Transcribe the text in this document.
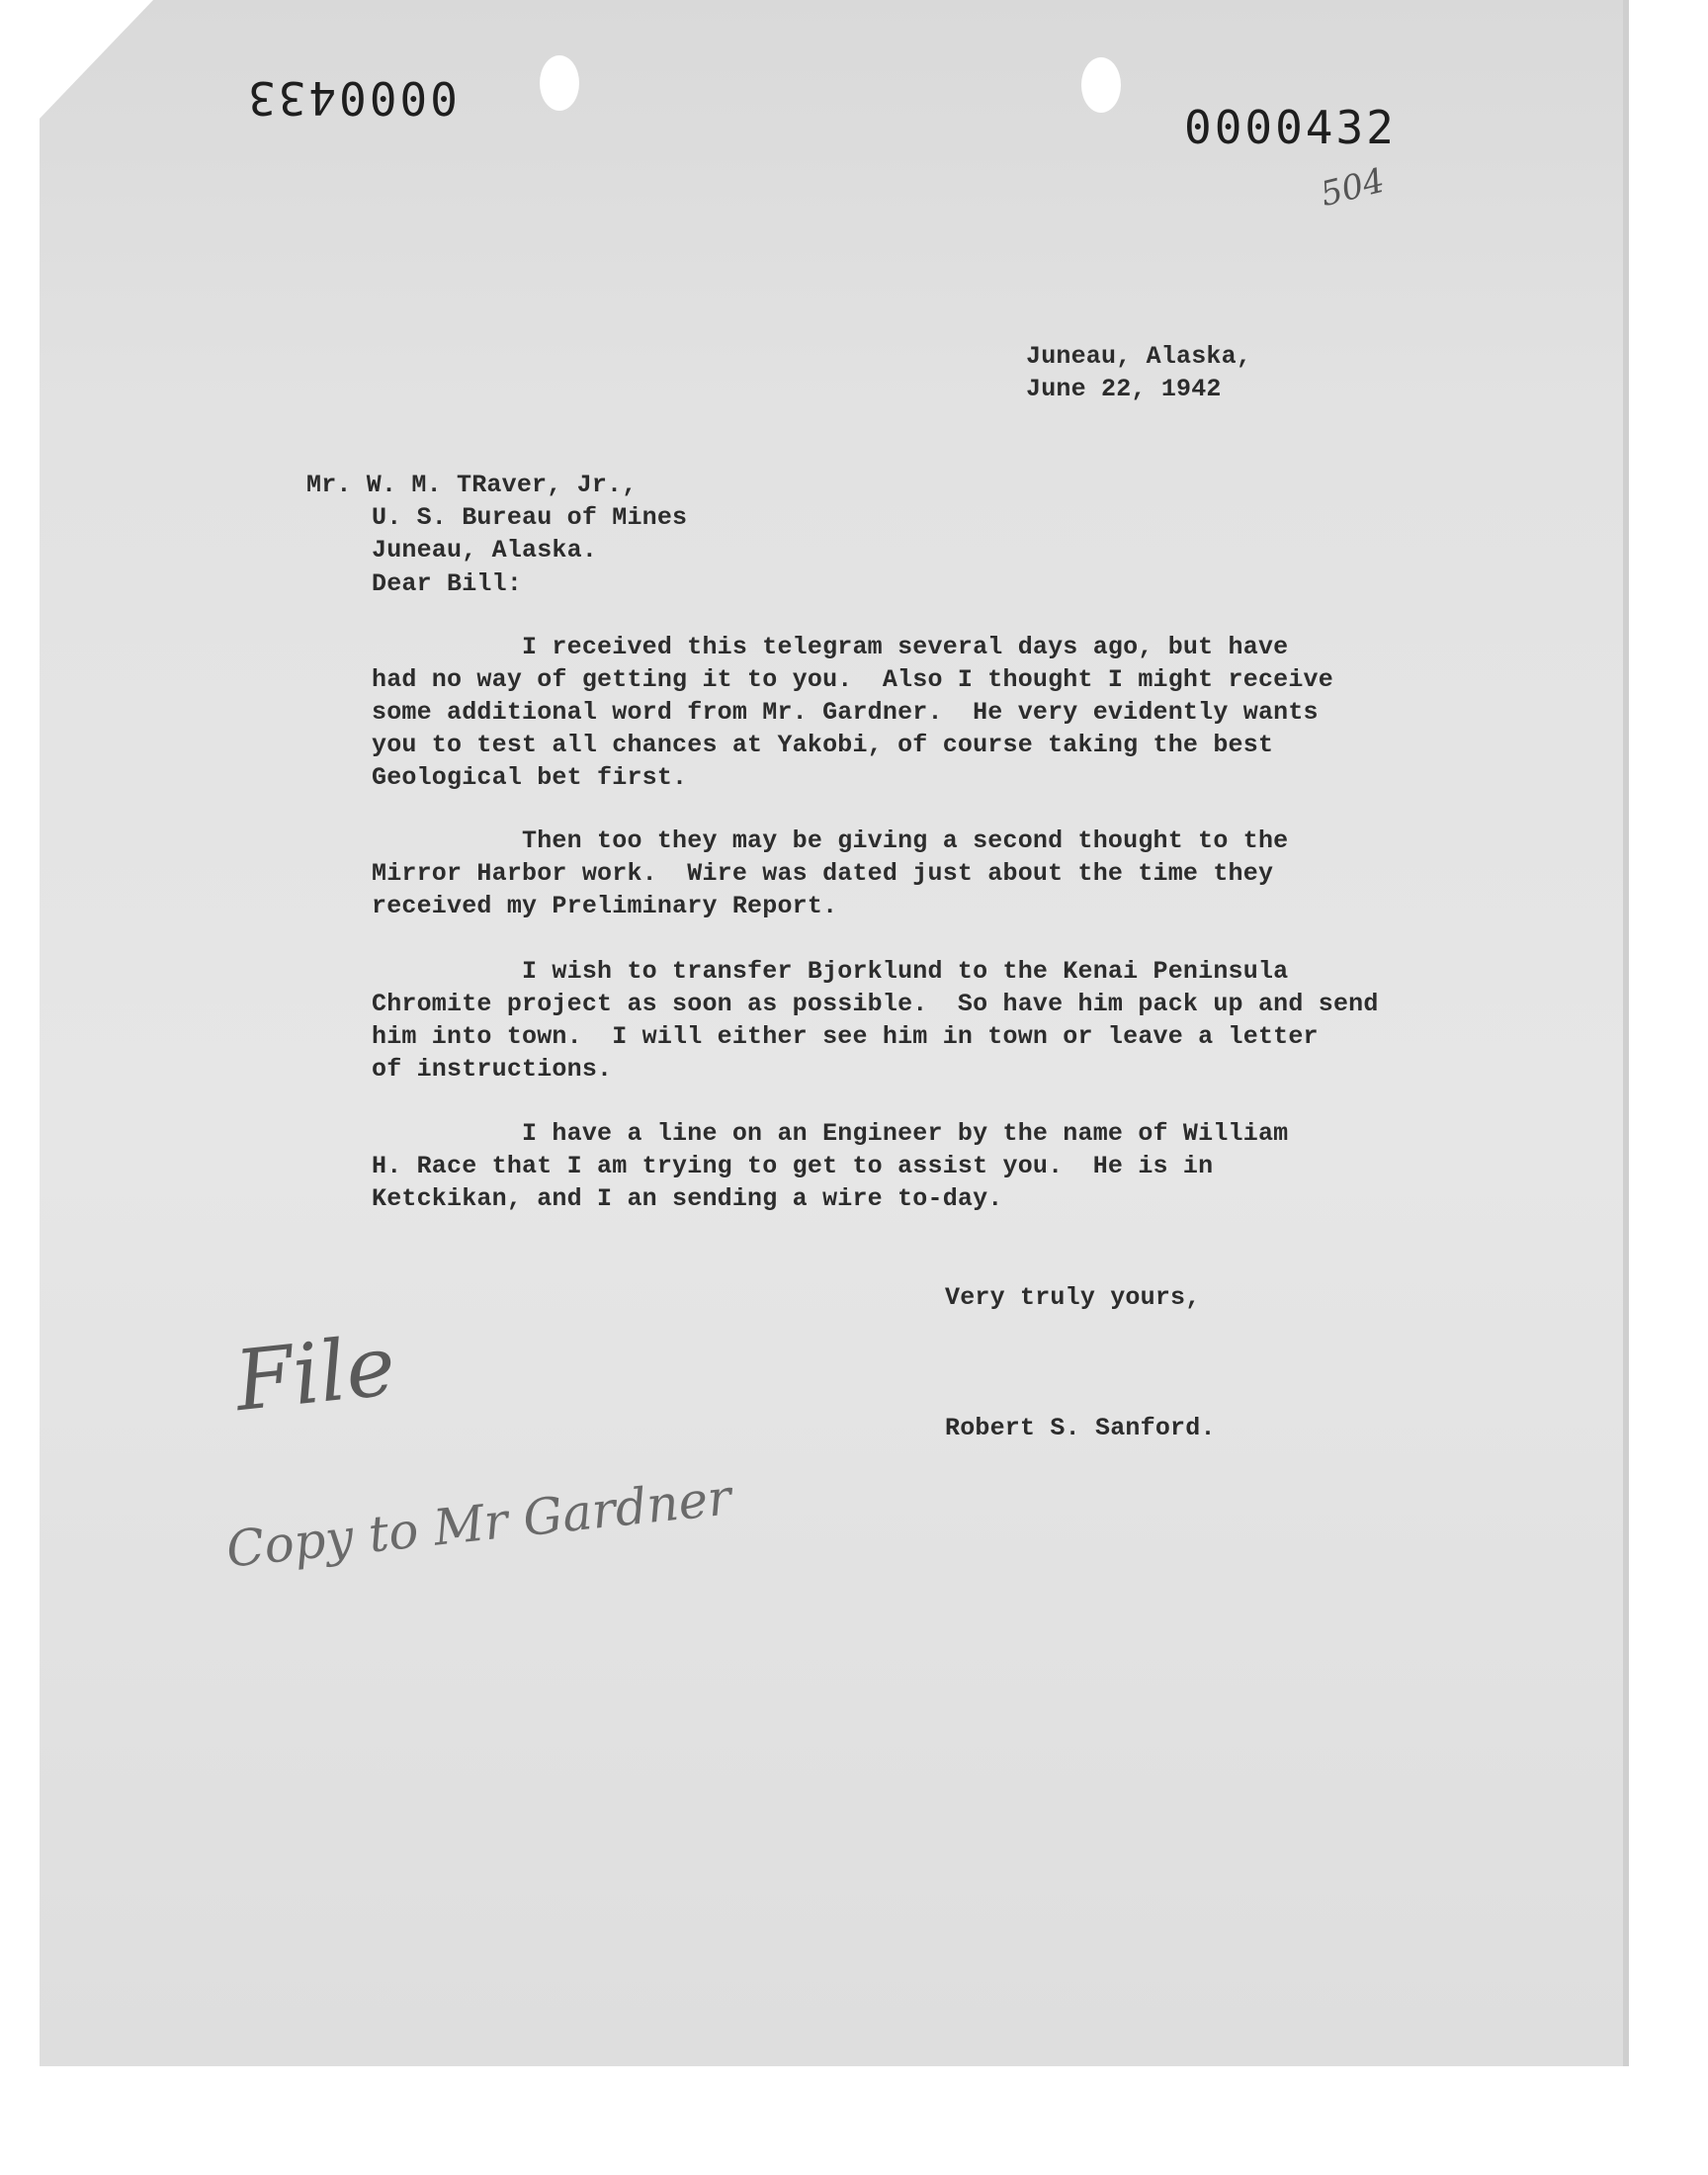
0000433
0000432
504
Juneau, Alaska,
June 22, 1942
Mr. W. M. TRaver, Jr.,
U. S. Bureau of Mines
Juneau, Alaska.
Dear Bill:
I received this telegram several days ago, but have
had no way of getting it to you.  Also I thought I might receive
some additional word from Mr. Gardner.  He very evidently wants
you to test all chances at Yakobi, of course taking the best
Geological bet first.
Then too they may be giving a second thought to the
Mirror Harbor work.  Wire was dated just about the time they
received my Preliminary Report.
I wish to transfer Bjorklund to the Kenai Peninsula
Chromite project as soon as possible.  So have him pack up and send
him into town.  I will either see him in town or leave a letter
of instructions.
I have a line on an Engineer by the name of William
H. Race that I am trying to get to assist you.  He is in
Ketckikan, and I an sending a wire to-day.
Very truly yours,
Robert S. Sanford.
File
Copy to Mr Gardner
